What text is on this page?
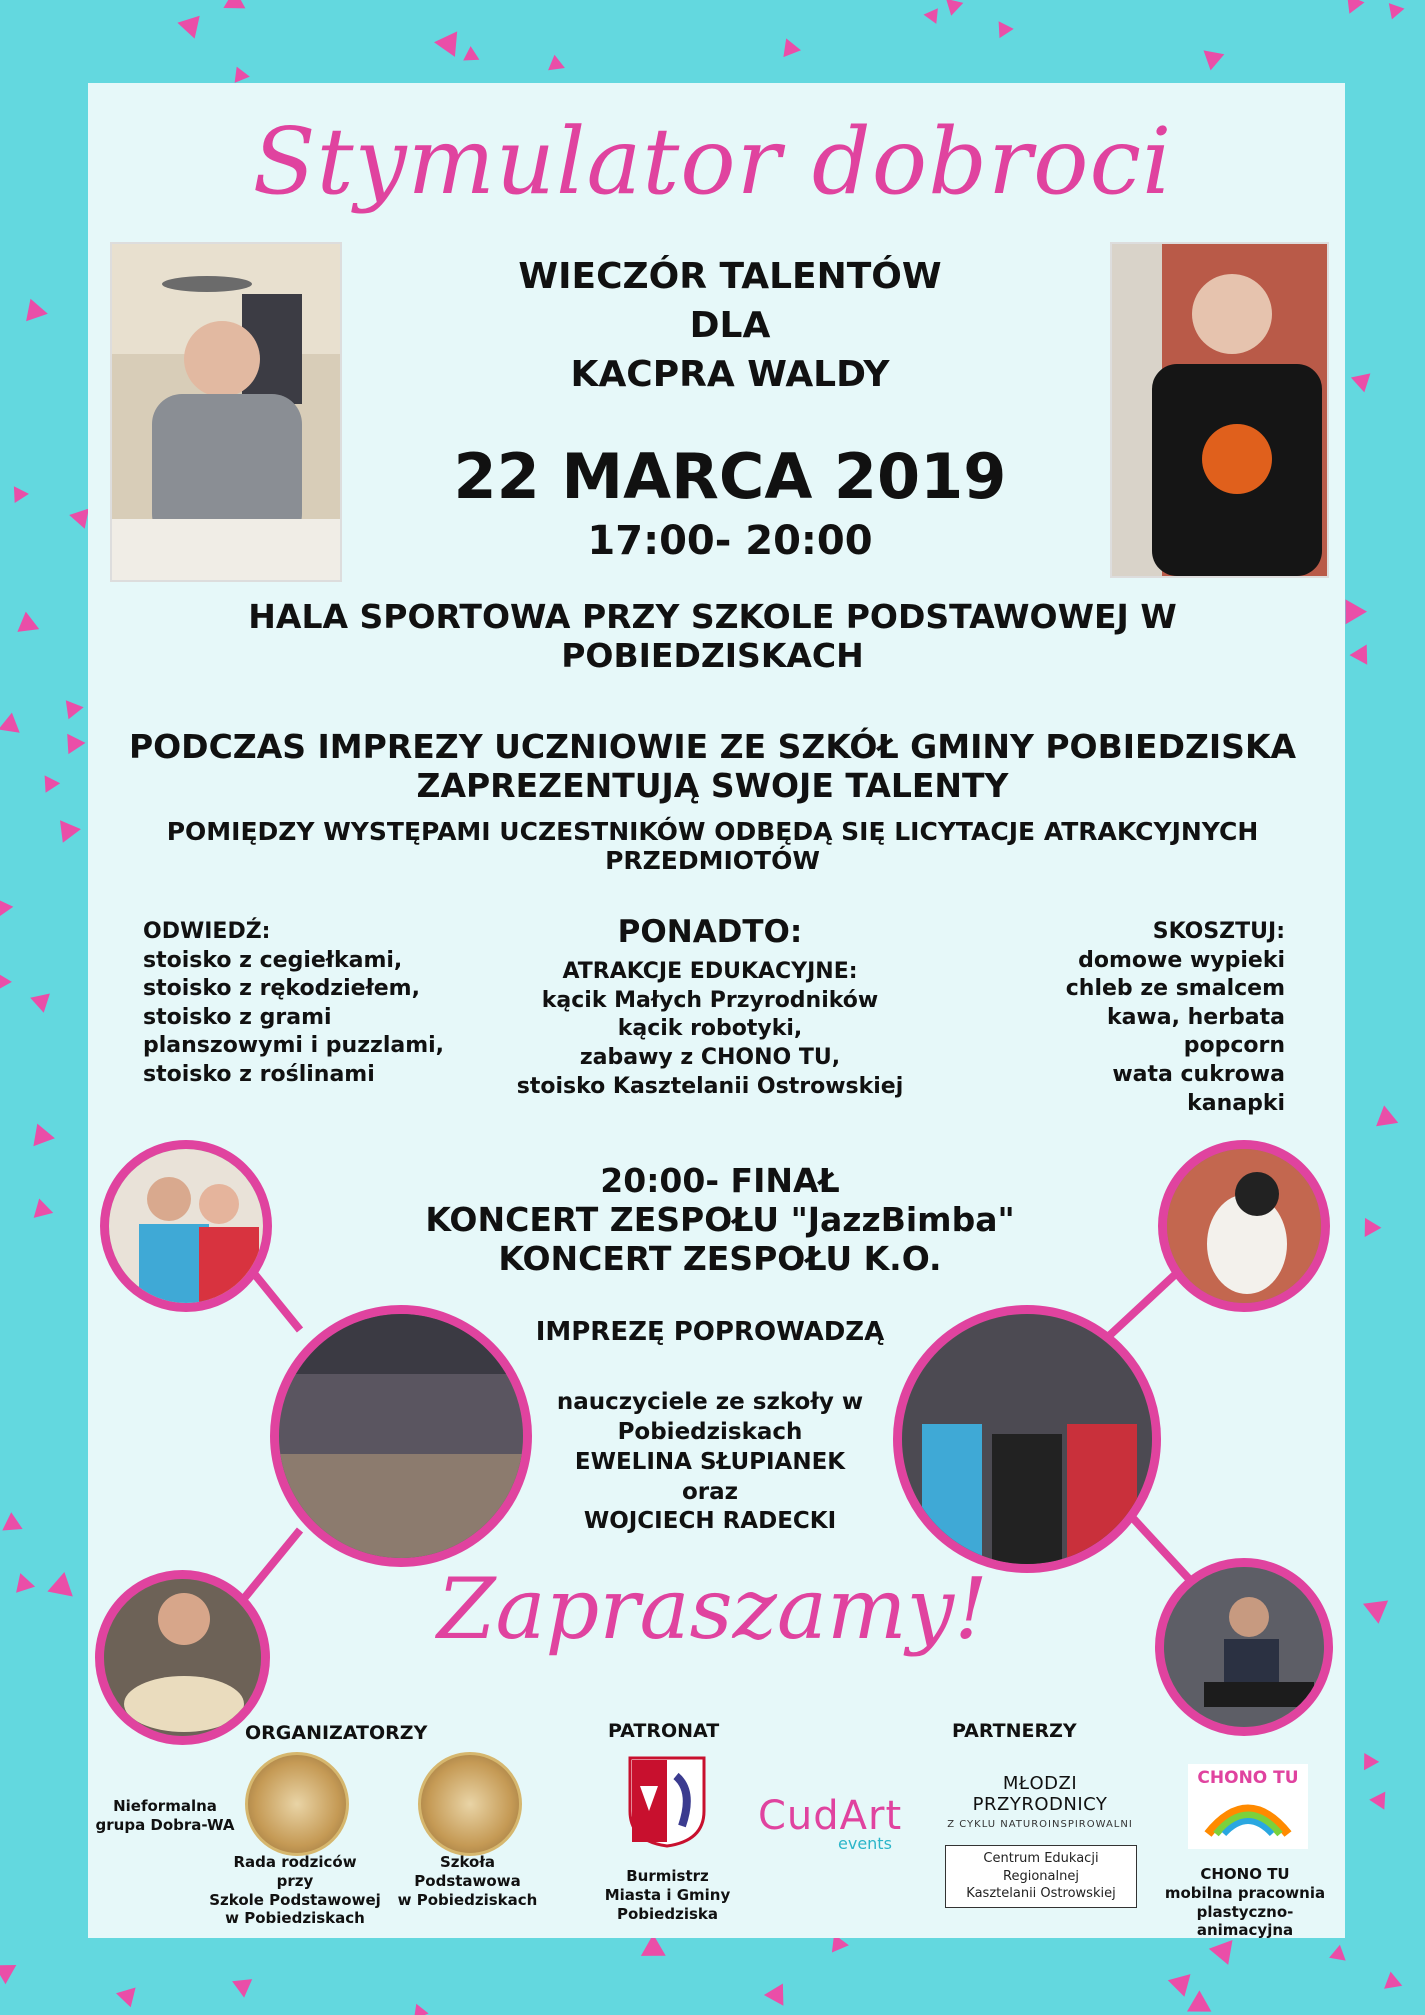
Stymulator dobroci
WIECZÓR TALENTÓW
DLA
KACPRA WALDY
22 MARCA 2019
17:00- 20:00
HALA SPORTOWA PRZY SZKOLE PODSTAWOWEJ W
POBIEDZISKACH
PODCZAS IMPREZY UCZNIOWIE ZE SZKÓŁ GMINY POBIEDZISKA
ZAPREZENTUJĄ SWOJE TALENTY
POMIĘDZY WYSTĘPAMI UCZESTNIKÓW ODBĘDĄ SIĘ LICYTACJE ATRAKCYJNYCH
PRZEDMIOTÓW
ODWIEDŹ:
stoisko z cegiełkami,
stoisko z rękodziełem,
stoisko z grami
planszowymi i puzzlami,
stoisko z roślinami
PONADTO:
ATRAKCJE EDUKACYJNE:
kącik Małych Przyrodników
kącik robotyki,
zabawy z CHONO TU,
stoisko Kasztelanii Ostrowskiej
SKOSZTUJ:
domowe wypieki
chleb ze smalcem
kawa, herbata
popcorn
wata cukrowa
kanapki
20:00- FINAŁ
KONCERT ZESPOŁU "JazzBimba"
KONCERT ZESPOŁU K.O.
IMPREZĘ POPROWADZĄ
nauczyciele ze szkoły w
Pobiedziskach
EWELINA SŁUPIANEK
oraz
WOJCIECH RADECKI
Zapraszamy!
ORGANIZATORZY	PATRONAT	PARTNERZY
Nieformalna
grupa Dobra-WA
Rada rodziców
przy
Szkole Podstawowej
w Pobiedziskach
Szkoła Podstawowa
w Pobiedziskach
Burmistrz
Miasta i Gminy
Pobiedziska
CudArt
events
MŁODZI PRZYRODNICY
Z CYKLU NATUROINSPIROWALNI
Centrum Edukacji Regionalnej
Kasztelanii Ostrowskiej
CHONO TU
CHONO TU
mobilna pracownia
plastyczno- animacyjna
